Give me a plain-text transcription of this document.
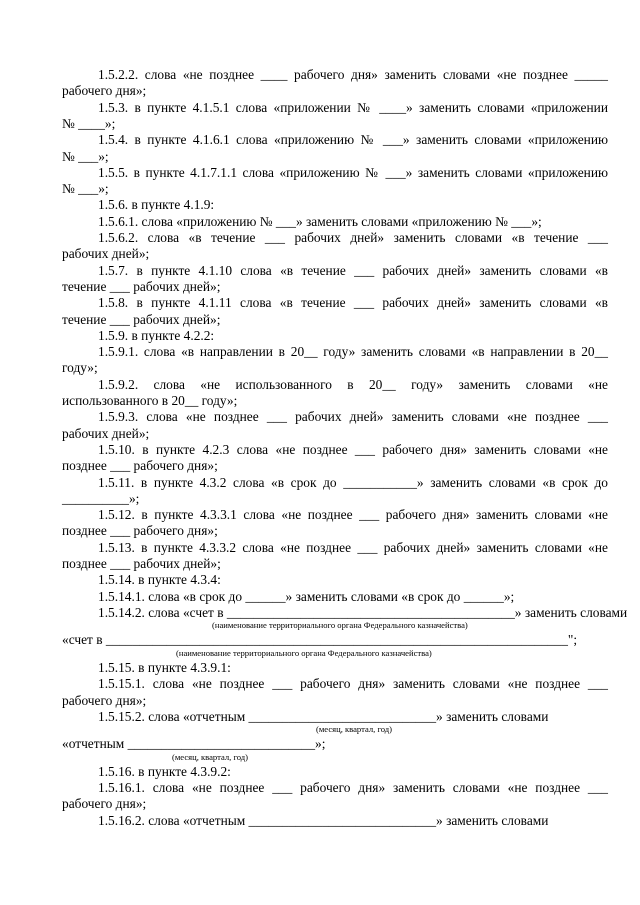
1.5.2.2. слова «не позднее ____ рабочего дня» заменить словами «не позднее _____
рабочего дня»;
1.5.3. в пункте 4.1.5.1 слова «приложении № ____» заменить словами «приложении
№ ____»;
1.5.4. в пункте 4.1.6.1 слова «приложению № ___» заменить словами «приложению
№ ___»;
1.5.5. в пункте 4.1.7.1.1 слова «приложению № ___» заменить словами «приложению
№ ___»;
1.5.6. в пункте 4.1.9:
1.5.6.1. слова «приложению № ___» заменить словами «приложению № ___»;
1.5.6.2. слова «в течение ___ рабочих дней» заменить словами «в течение ___
рабочих дней»;
1.5.7. в пункте 4.1.10 слова «в течение ___ рабочих дней» заменить словами «в
течение ___ рабочих дней»;
1.5.8. в пункте 4.1.11 слова «в течение ___ рабочих дней» заменить словами «в
течение ___ рабочих дней»;
1.5.9. в пункте 4.2.2:
1.5.9.1. слова «в направлении в 20__ году» заменить словами «в направлении в 20__
году»;
1.5.9.2. слова «не использованного в 20__ году» заменить словами «не
использованного в 20__ году»;
1.5.9.3. слова «не позднее ___ рабочих дней» заменить словами «не позднее ___
рабочих дней»;
1.5.10. в пункте 4.2.3 слова «не позднее ___ рабочего дня» заменить словами «не
позднее ___ рабочего дня»;
1.5.11. в пункте 4.3.2 слова «в срок до ___________» заменить словами «в срок до
__________»;
1.5.12. в пункте 4.3.3.1 слова «не позднее ___ рабочего дня» заменить словами «не
позднее ___ рабочего дня»;
1.5.13. в пункте 4.3.3.2 слова «не позднее ___ рабочих дней» заменить словами «не
позднее ___ рабочих дней»;
1.5.14. в пункте 4.3.4:
1.5.14.1. слова «в срок до ______» заменить словами «в срок до ______»;
1.5.14.2. слова «счет в ___________________________________________» заменить словами
(наименование территориального органа Федерального казначейства)
«счет в _____________________________________________________________________";
(наименование территориального органа Федерального казначейства)
1.5.15. в пункте 4.3.9.1:
1.5.15.1. слова «не позднее ___ рабочего дня» заменить словами «не позднее ___
рабочего дня»;
1.5.15.2. слова «отчетным ____________________________» заменить словами
(месяц, квартал, год)
«отчетным ____________________________»;
(месяц, квартал, год)
1.5.16. в пункте 4.3.9.2:
1.5.16.1. слова «не позднее ___ рабочего дня» заменить словами «не позднее ___
рабочего дня»;
1.5.16.2. слова «отчетным ____________________________» заменить словами
